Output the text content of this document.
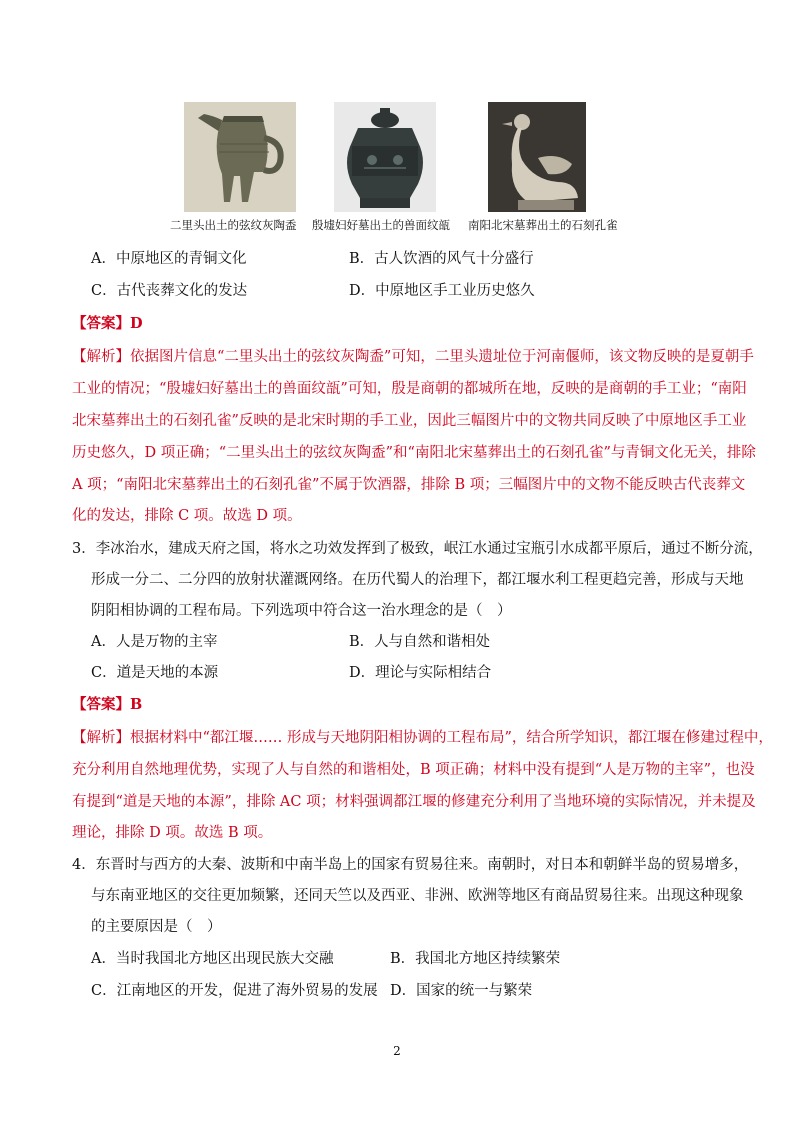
二里头出土的弦纹灰陶盉 殷墟妇好墓出土的兽面纹瓿 南阳北宋墓葬出土的石刻孔雀
A．中原地区的青铜文化	B．古人饮酒的风气十分盛行
C．古代丧葬文化的发达	D．中原地区手工业历史悠久
【答案】D
【解析】依据图片信息“二里头出土的弦纹灰陶盉”可知，二里头遗址位于河南偃师，该文物反映的是夏朝手
工业的情况；“殷墟妇好墓出土的兽面纹瓿”可知，殷是商朝的都城所在地，反映的是商朝的手工业；“南阳
北宋墓葬出土的石刻孔雀”反映的是北宋时期的手工业，因此三幅图片中的文物共同反映了中原地区手工业
历史悠久，D 项正确；“二里头出土的弦纹灰陶盉”和“南阳北宋墓葬出土的石刻孔雀”与青铜文化无关，排除
A 项；“南阳北宋墓葬出土的石刻孔雀”不属于饮酒器，排除 B 项；三幅图片中的文物不能反映古代丧葬文
化的发达，排除 C 项。故选 D 项。
3．李冰治水，建成天府之国，将水之功效发挥到了极致，岷江水通过宝瓶引水成都平原后，通过不断分流，
形成一分二、二分四的放射状灌溉网络。在历代蜀人的治理下，都江堰水利工程更趋完善，形成与天地
阴阳相协调的工程布局。下列选项中符合这一治水理念的是（　）
A．人是万物的主宰	B．人与自然和谐相处
C．道是天地的本源	D．理论与实际相结合
【答案】B
【解析】根据材料中“都江堰…… 形成与天地阴阳相协调的工程布局”，结合所学知识，都江堰在修建过程中，
充分利用自然地理优势，实现了人与自然的和谐相处，B 项正确；材料中没有提到“人是万物的主宰”，也没
有提到“道是天地的本源”，排除 AC 项；材料强调都江堰的修建充分利用了当地环境的实际情况，并未提及
理论，排除 D 项。故选 B 项。
4．东晋时与西方的大秦、波斯和中南半岛上的国家有贸易往来。南朝时，对日本和朝鲜半岛的贸易增多，
与东南亚地区的交往更加频繁，还同天竺以及西亚、非洲、欧洲等地区有商品贸易往来。出现这种现象
的主要原因是（　）
A．当时我国北方地区出现民族大交融	B．我国北方地区持续繁荣
C．江南地区的开发，促进了海外贸易的发展 D．国家的统一与繁荣
2
